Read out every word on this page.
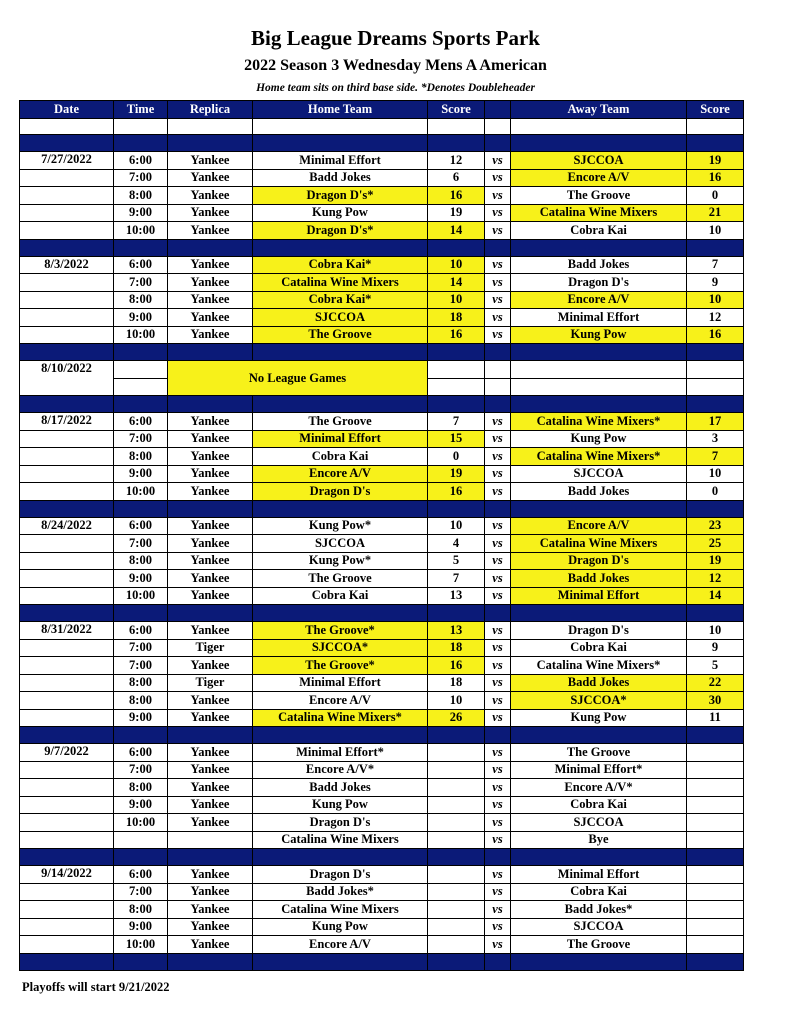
Big League Dreams Sports Park
2022 Season 3 Wednesday Mens A American
Home team sits on third base side. *Denotes Doubleheader
Date	Time	Replica	Home Team	Score		Away Team	Score

7/27/2022	6:00	Yankee	Minimal Effort	12	vs	SJCCOA	19
	7:00	Yankee	Badd Jokes	6	vs	Encore A/V	16
	8:00	Yankee	Dragon D's*	16	vs	The Groove	0
	9:00	Yankee	Kung Pow	19	vs	Catalina Wine Mixers	21
	10:00	Yankee	Dragon D's*	14	vs	Cobra Kai	10

8/3/2022	6:00	Yankee	Cobra Kai*	10	vs	Badd Jokes	7
	7:00	Yankee	Catalina Wine Mixers	14	vs	Dragon D's	9
	8:00	Yankee	Cobra Kai*	10	vs	Encore A/V	10
	9:00	Yankee	SJCCOA	18	vs	Minimal Effort	12
	10:00	Yankee	The Groove	16	vs	Kung Pow	16

8/10/2022		No League Games					

8/17/2022	6:00	Yankee	The Groove	7	vs	Catalina Wine Mixers*	17
	7:00	Yankee	Minimal Effort	15	vs	Kung Pow	3
	8:00	Yankee	Cobra Kai	0	vs	Catalina Wine Mixers*	7
	9:00	Yankee	Encore A/V	19	vs	SJCCOA	10
	10:00	Yankee	Dragon D's	16	vs	Badd Jokes	0

8/24/2022	6:00	Yankee	Kung Pow*	10	vs	Encore A/V	23
	7:00	Yankee	SJCCOA	4	vs	Catalina Wine Mixers	25
	8:00	Yankee	Kung Pow*	5	vs	Dragon D's	19
	9:00	Yankee	The Groove	7	vs	Badd Jokes	12
	10:00	Yankee	Cobra Kai	13	vs	Minimal Effort	14

8/31/2022	6:00	Yankee	The Groove*	13	vs	Dragon D's	10
	7:00	Tiger	SJCCOA*	18	vs	Cobra Kai	9
	7:00	Yankee	The Groove*	16	vs	Catalina Wine Mixers*	5
	8:00	Tiger	Minimal Effort	18	vs	Badd Jokes	22
	8:00	Yankee	Encore A/V	10	vs	SJCCOA*	30
	9:00	Yankee	Catalina Wine Mixers*	26	vs	Kung Pow	11

9/7/2022	6:00	Yankee	Minimal Effort*		vs	The Groove	
	7:00	Yankee	Encore A/V*		vs	Minimal Effort*	
	8:00	Yankee	Badd Jokes		vs	Encore A/V*	
	9:00	Yankee	Kung Pow		vs	Cobra Kai	
	10:00	Yankee	Dragon D's		vs	SJCCOA	
			Catalina Wine Mixers		vs	Bye	

9/14/2022	6:00	Yankee	Dragon D's		vs	Minimal Effort	
	7:00	Yankee	Badd Jokes*		vs	Cobra Kai	
	8:00	Yankee	Catalina Wine Mixers		vs	Badd Jokes*	
	9:00	Yankee	Kung Pow		vs	SJCCOA	
	10:00	Yankee	Encore A/V		vs	The Groove	

Playoffs will start 9/21/2022
